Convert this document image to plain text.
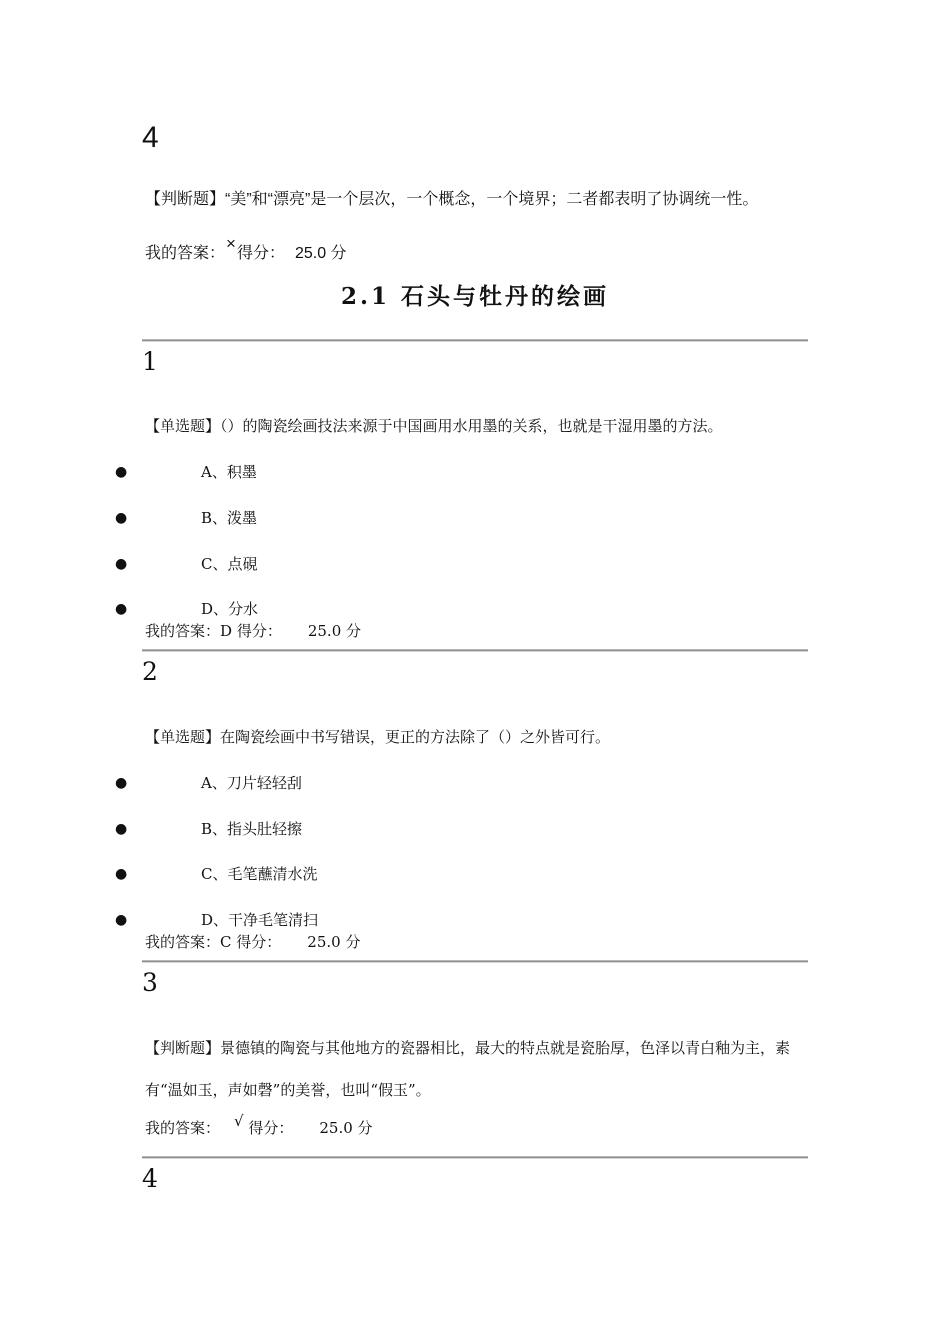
4
【判断题】“美”和“漂亮”是一个层次，一个概念，一个境界；二者都表明了协调统一性。
我的答案：×得分： 25.0 分
2.1 石头与牡丹的绘画
1
【单选题】（）的陶瓷绘画技法来源于中国画用水用墨的关系，也就是干湿用墨的方法。
●	A、积墨
●	B、泼墨
●	C、点硯
●	D、分水
我的答案：D 得分： 25.0 分
2
【单选题】在陶瓷绘画中书写错误，更正的方法除了（）之外皆可行。
●	A、刀片轻轻刮
●	B、指头肚轻擦
●	C、毛笔蘸清水洗
●	D、干净毛笔清扫
我的答案：C 得分： 25.0 分
3
【判断题】景德镇的陶瓷与其他地方的瓷器相比，最大的特点就是瓷胎厚，色泽以青白釉为主，素有“温如玉，声如磬”的美誉，也叫“假玉”。
我的答案： √ 得分： 25.0 分
4
